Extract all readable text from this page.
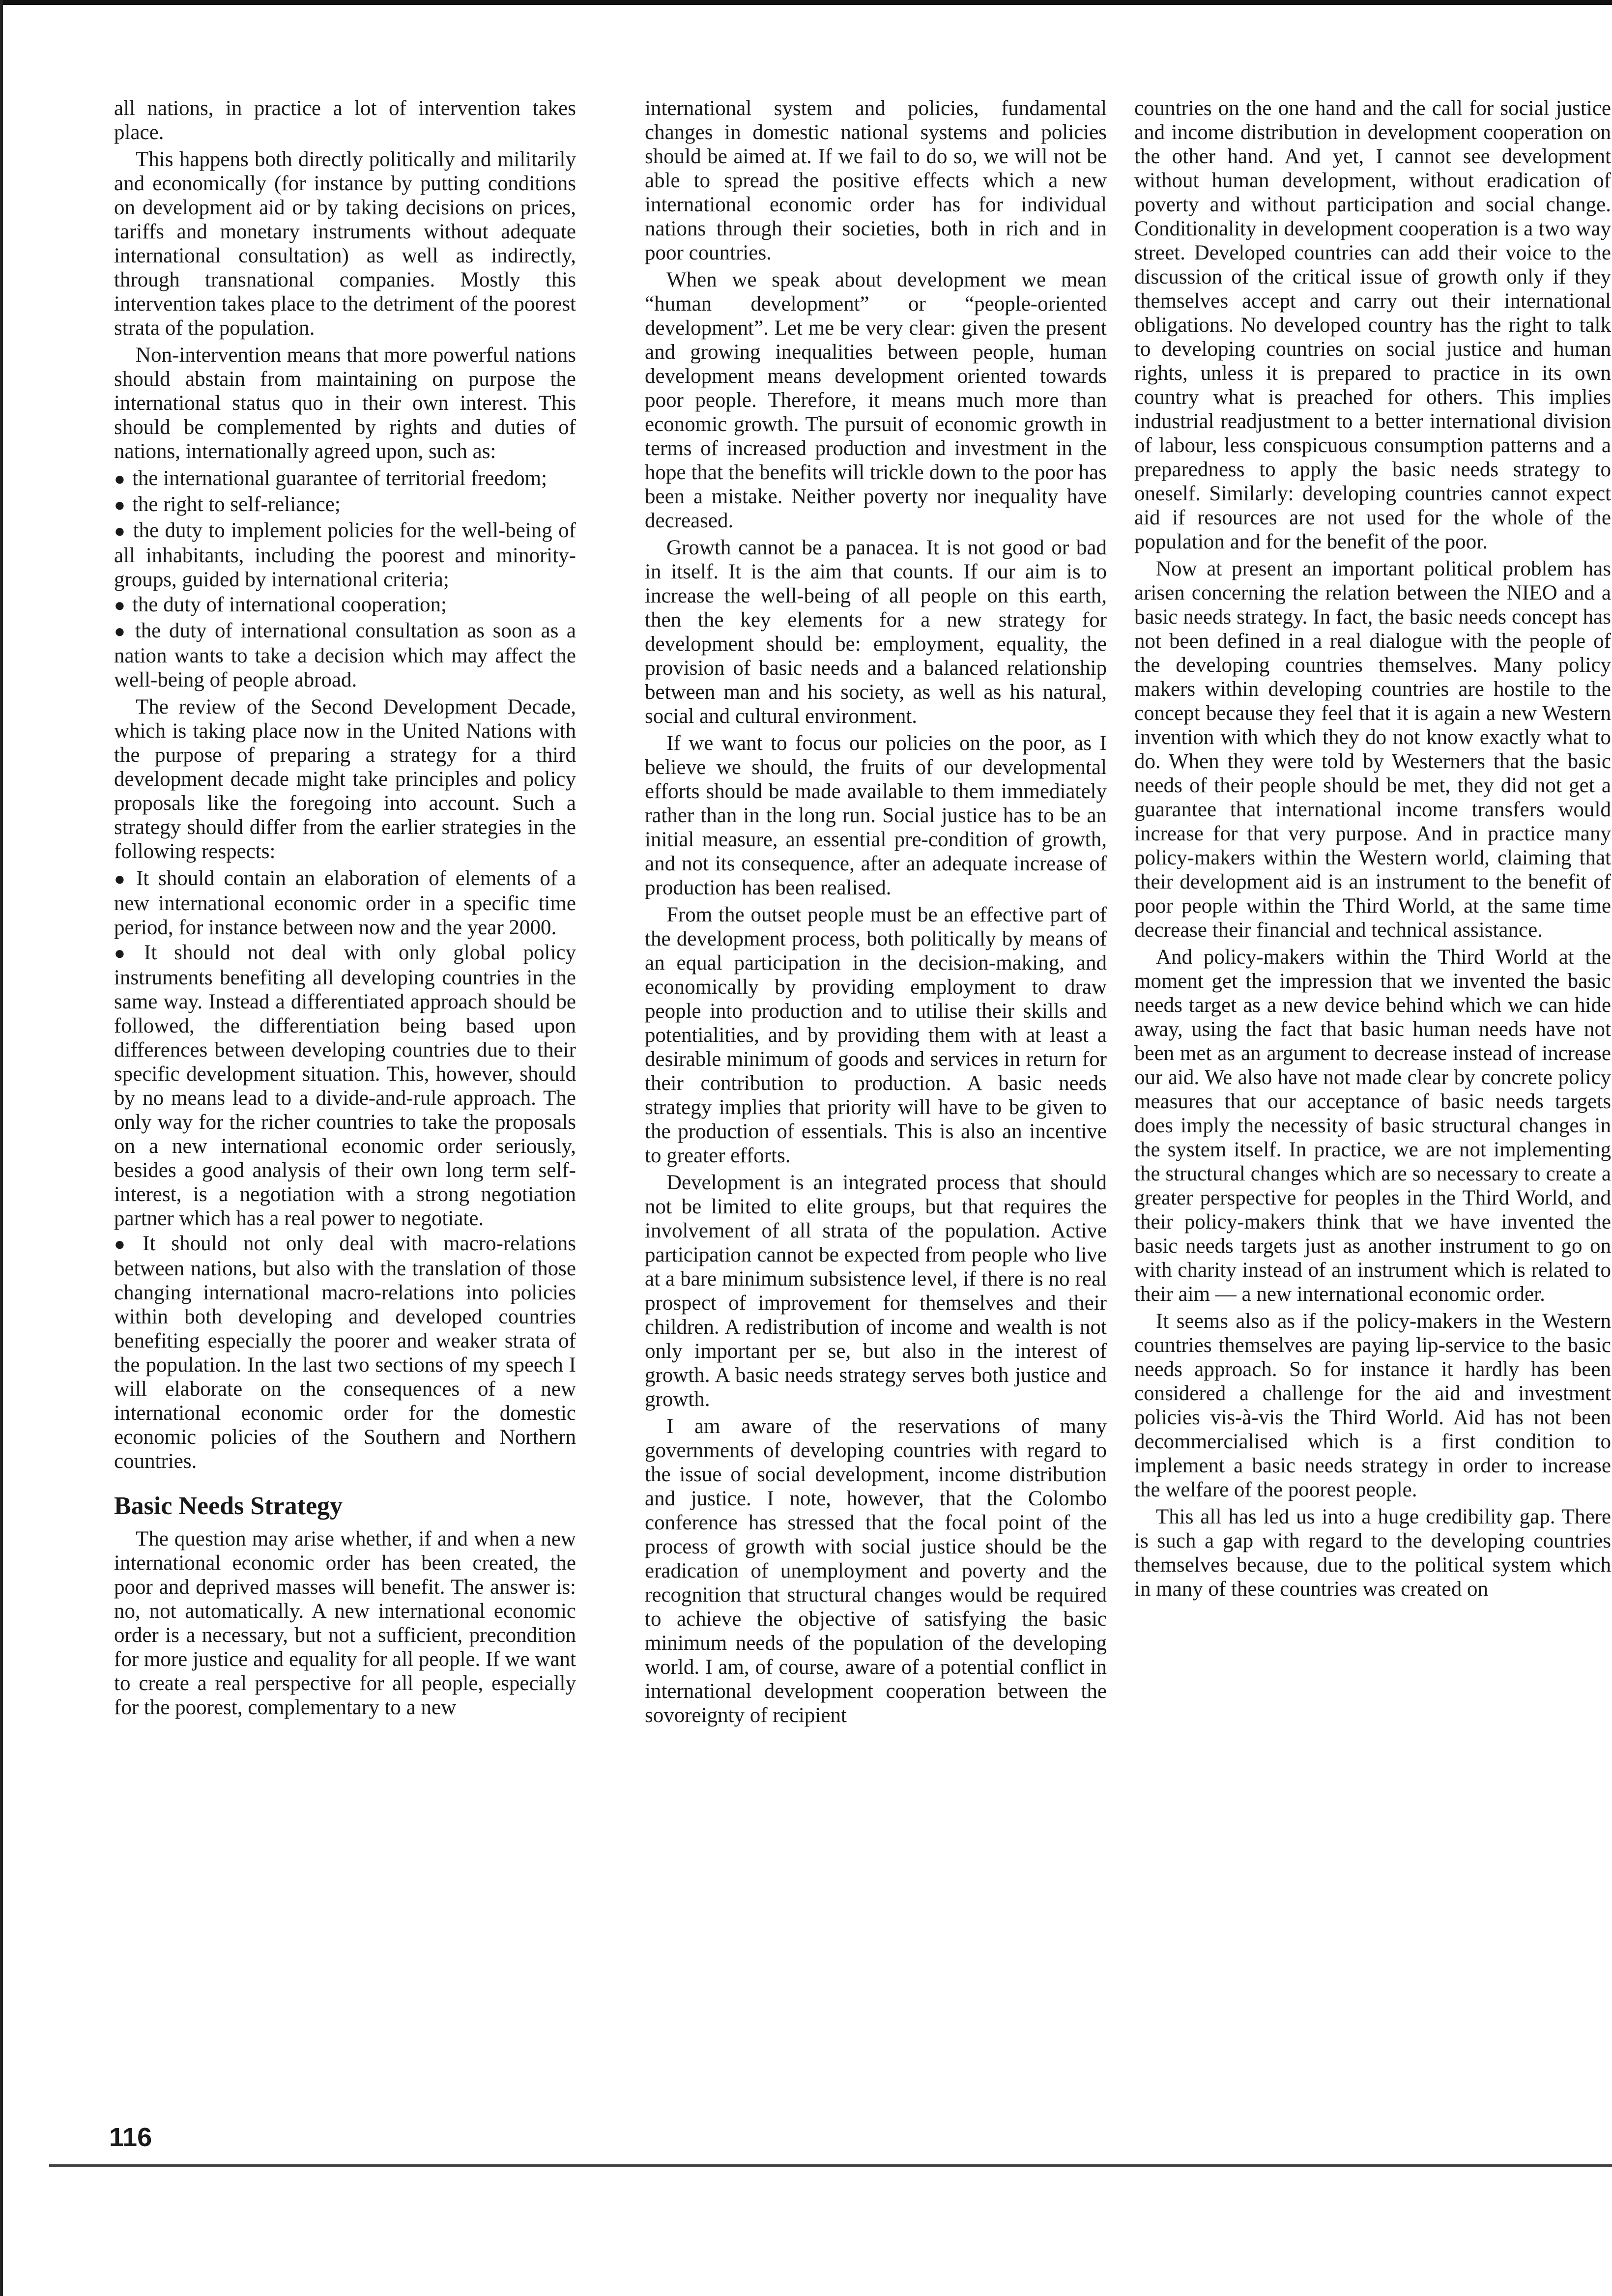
all nations, in practice a lot of intervention takes place.

This happens both directly politically and militarily and economically (for instance by putting conditions on development aid or by taking decisions on prices, tariffs and monetary instruments without adequate international consultation) as well as indirectly, through transnational companies. Mostly this intervention takes place to the detriment of the poorest strata of the population.

Non-intervention means that more powerful nations should abstain from maintaining on purpose the international status quo in their own interest. This should be complemented by rights and duties of nations, internationally agreed upon, such as:

● the international guarantee of territorial freedom;
● the right to self-reliance;
● the duty to implement policies for the well-being of all inhabitants, including the poorest and minority-groups, guided by international criteria;
● the duty of international cooperation;
● the duty of international consultation as soon as a nation wants to take a decision which may affect the well-being of people abroad.

The review of the Second Development Decade, which is taking place now in the United Nations with the purpose of preparing a strategy for a third development decade might take principles and policy proposals like the foregoing into account. Such a strategy should differ from the earlier strategies in the following respects:

● It should contain an elaboration of elements of a new international economic order in a specific time period, for instance between now and the year 2000.
● It should not deal with only global policy instruments benefiting all developing countries in the same way. Instead a differentiated approach should be followed, the differentiation being based upon differences between developing countries due to their specific development situation. This, however, should by no means lead to a divide-and-rule approach. The only way for the richer countries to take the proposals on a new international economic order seriously, besides a good analysis of their own long term self-interest, is a negotiation with a strong negotiation partner which has a real power to negotiate.
● It should not only deal with macro-relations between nations, but also with the translation of those changing international macro-relations into policies within both developing and developed countries benefiting especially the poorer and weaker strata of the population. In the last two sections of my speech I will elaborate on the consequences of a new international economic order for the domestic economic policies of the Southern and Northern countries.
Basic Needs Strategy

The question may arise whether, if and when a new international economic order has been created, the poor and deprived masses will benefit. The answer is: no, not automatically. A new international economic order is a necessary, but not a sufficient, precondition for more justice and equality for all people. If we want to create a real perspective for all people, especially for the poorest, complementary to a new

international system and policies, fundamental changes in domestic national systems and policies should be aimed at. If we fail to do so, we will not be able to spread the positive effects which a new international economic order has for individual nations through their societies, both in rich and in poor countries.

When we speak about development we mean “human development” or “people-oriented development”. Let me be very clear: given the present and growing inequalities between people, human development means development oriented towards poor people. Therefore, it means much more than economic growth. The pursuit of economic growth in terms of increased production and investment in the hope that the benefits will trickle down to the poor has been a mistake. Neither poverty nor inequality have decreased.

Growth cannot be a panacea. It is not good or bad in itself. It is the aim that counts. If our aim is to increase the well-being of all people on this earth, then the key elements for a new strategy for development should be: employment, equality, the provision of basic needs and a balanced relationship between man and his society, as well as his natural, social and cultural environment.

If we want to focus our policies on the poor, as I believe we should, the fruits of our developmental efforts should be made available to them immediately rather than in the long run. Social justice has to be an initial measure, an essential pre-condition of growth, and not its consequence, after an adequate increase of production has been realised.

From the outset people must be an effective part of the development process, both politically by means of an equal participation in the decision-making, and economically by providing employment to draw people into production and to utilise their skills and potentialities, and by providing them with at least a desirable minimum of goods and services in return for their contribution to production. A basic needs strategy implies that priority will have to be given to the production of essentials. This is also an incentive to greater efforts.

Development is an integrated process that should not be limited to elite groups, but that requires the involvement of all strata of the population. Active participation cannot be expected from people who live at a bare minimum subsistence level, if there is no real prospect of improvement for themselves and their children. A redistribution of income and wealth is not only important per se, but also in the interest of growth. A basic needs strategy serves both justice and growth.

I am aware of the reservations of many governments of developing countries with regard to the issue of social development, income distribution and justice. I note, however, that the Colombo conference has stressed that the focal point of the process of growth with social justice should be the eradication of unemployment and poverty and the recognition that structural changes would be required to achieve the objective of satisfying the basic minimum needs of the population of the developing world. I am, of course, aware of a potential conflict in international development cooperation between the sovoreignty of recipient

countries on the one hand and the call for social justice and income distribution in development cooperation on the other hand. And yet, I cannot see development without human development, without eradication of poverty and without participation and social change. Conditionality in development cooperation is a two way street. Developed countries can add their voice to the discussion of the critical issue of growth only if they themselves accept and carry out their international obligations. No developed country has the right to talk to developing countries on social justice and human rights, unless it is prepared to practice in its own country what is preached for others. This implies industrial readjustment to a better international division of labour, less conspicuous consumption patterns and a preparedness to apply the basic needs strategy to oneself. Similarly: developing countries cannot expect aid if resources are not used for the whole of the population and for the benefit of the poor.

Now at present an important political problem has arisen concerning the relation between the NIEO and a basic needs strategy. In fact, the basic needs concept has not been defined in a real dialogue with the people of the developing countries themselves. Many policy makers within developing countries are hostile to the concept because they feel that it is again a new Western invention with which they do not know exactly what to do. When they were told by Westerners that the basic needs of their people should be met, they did not get a guarantee that international income transfers would increase for that very purpose. And in practice many policy-makers within the Western world, claiming that their development aid is an instrument to the benefit of poor people within the Third World, at the same time decrease their financial and technical assistance.

And policy-makers within the Third World at the moment get the impression that we invented the basic needs target as a new device behind which we can hide away, using the fact that basic human needs have not been met as an argument to decrease instead of increase our aid. We also have not made clear by concrete policy measures that our acceptance of basic needs targets does imply the necessity of basic structural changes in the system itself. In practice, we are not implementing the structural changes which are so necessary to create a greater perspective for peoples in the Third World, and their policy-makers think that we have invented the basic needs targets just as another instrument to go on with charity instead of an instrument which is related to their aim — a new international economic order.

It seems also as if the policy-makers in the Western countries themselves are paying lip-service to the basic needs approach. So for instance it hardly has been considered a challenge for the aid and investment policies vis-à-vis the Third World. Aid has not been decommercialised which is a first condition to implement a basic needs strategy in order to increase the welfare of the poorest people.

This all has led us into a huge credibility gap. There is such a gap with regard to the developing countries themselves because, due to the political system which in many of these countries was created on

116
